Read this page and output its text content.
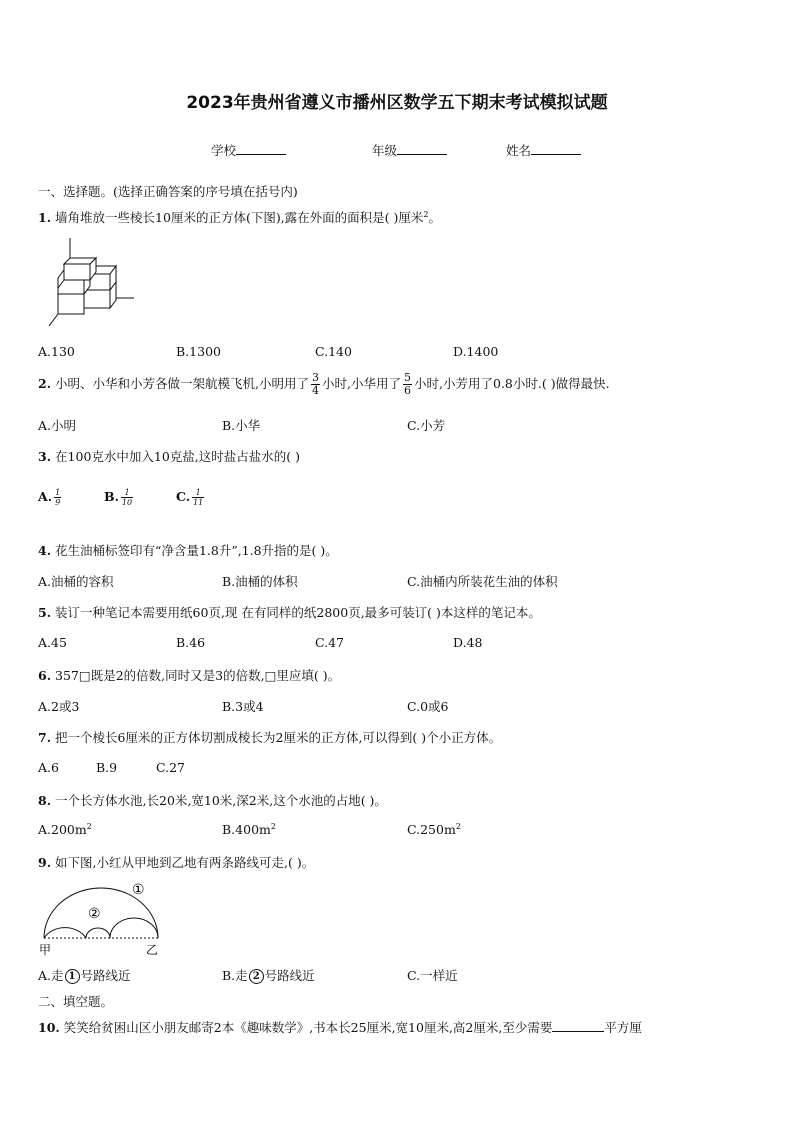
2023年贵州省遵义市播州区数学五下期末考试模拟试题
学校	年级	姓名
一、选择题。(选择正确答案的序号填在括号内)
1. 墙角堆放一些棱长10厘米的正方体(下图),露在外面的面积是( )厘米$^2$。
A.130	B.1300	C.140	D.1400
2. 小明、小华和小芳各做一架航模飞机,小明用了 $\frac{3}{4}$ 小时,小华用了 $\frac{5}{6}$ 小时,小芳用了0.8小时.( )做得最快.
A.小明	B.小华	C.小芳
3. 在100克水中加入10克盐,这时盐占盐水的( )
A. $\frac{1}{9}$	B. $\frac{1}{10}$	C. $\frac{1}{11}$
4. 花生油桶标签印有“净含量1.8升”,1.8升指的是( )。
A.油桶的容积	B.油桶的体积	C.油桶内所装花生油的体积
5. 装订一种笔记本需要用纸60页,现 在有同样的纸2800页,最多可装订( )本这样的笔记本。
A.45	B.46	C.47	D.48
6. 357□既是2的倍数,同时又是3的倍数,□里应填( )。
A.2或3	B.3或4	C.0或6
7. 把一个棱长6厘米的正方体切割成棱长为2厘米的正方体,可以得到( )个小正方体。
A.6	B.9	C.27
8. 一个长方体水池,长20米,宽10米,深2米,这个水池的占地( )。
$A.200m^2$	$B.400m^2$	$C.250m^2$
9. 如下图,小红从甲地到乙地有两条路线可走,( )。
①
②
甲	乙
A.走 1 号路线近	B.走 2 号路线近	C.一样近
二、填空题。
10. 笑笑给贫困山区小朋友邮寄2本《趣味数学》,书本长25厘米,宽10厘米,高2厘米,至少需要	平方厘
